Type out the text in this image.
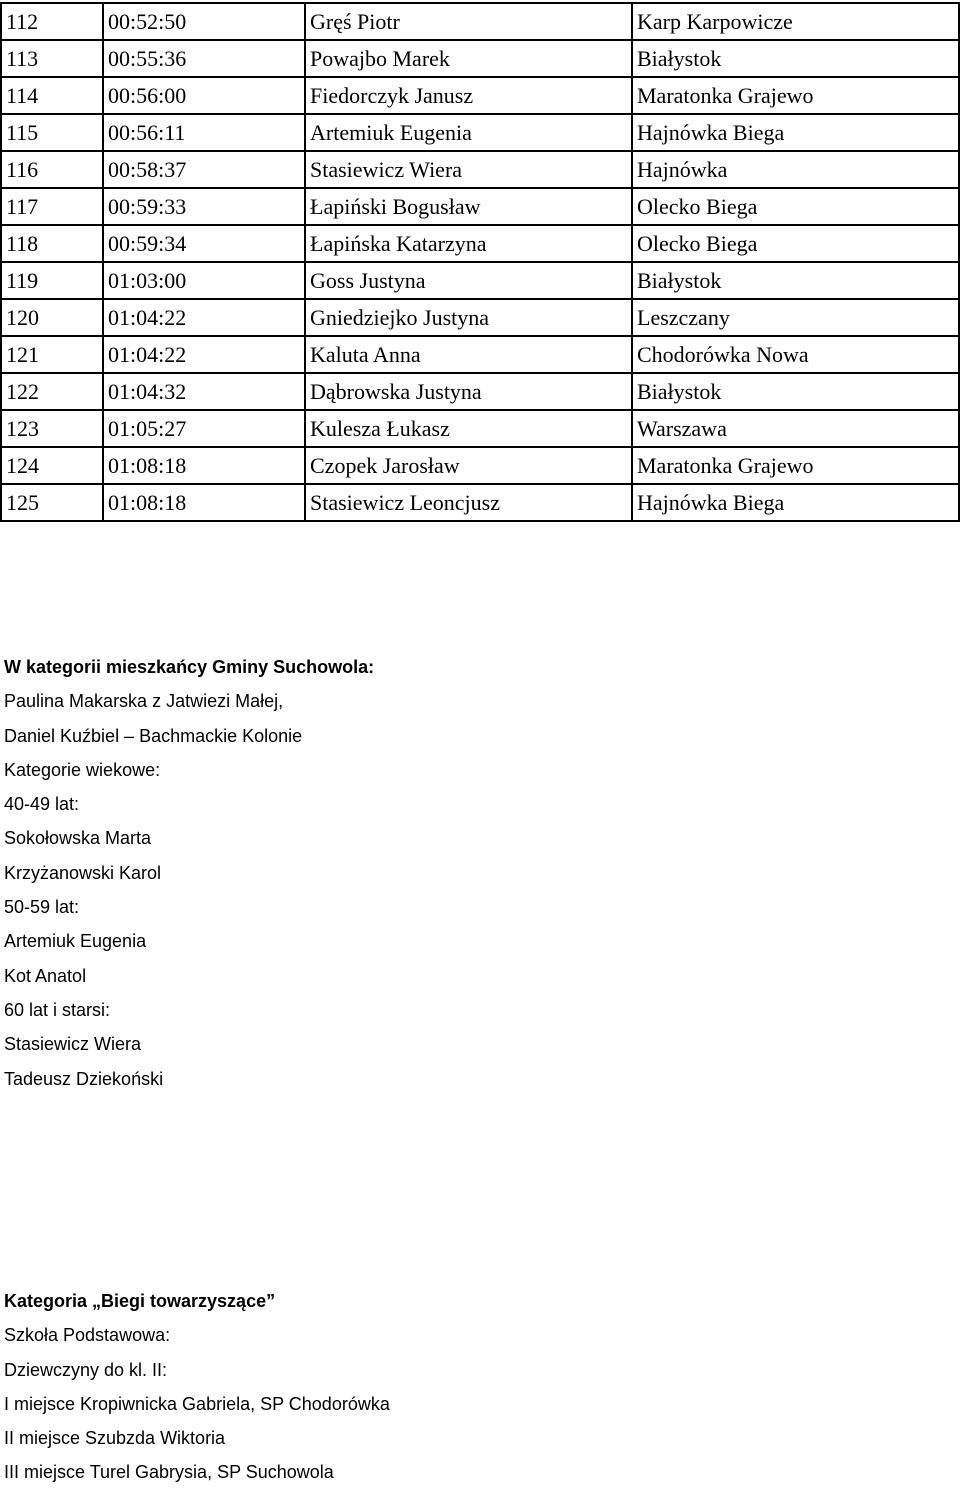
112	00:52:50	Gręś Piotr	Karp Karpowicze
113	00:55:36	Powajbo Marek	Białystok
114	00:56:00	Fiedorczyk Janusz	Maratonka Grajewo
115	00:56:11	Artemiuk Eugenia	Hajnówka Biega
116	00:58:37	Stasiewicz Wiera	Hajnówka
117	00:59:33	Łapiński Bogusław	Olecko Biega
118	00:59:34	Łapińska Katarzyna	Olecko Biega
119	01:03:00	Goss Justyna	Białystok
120	01:04:22	Gniedziejko Justyna	Leszczany
121	01:04:22	Kaluta Anna	Chodorówka Nowa
122	01:04:32	Dąbrowska Justyna	Białystok
123	01:05:27	Kulesza Łukasz	Warszawa
124	01:08:18	Czopek Jarosław	Maratonka Grajewo
125	01:08:18	Stasiewicz Leoncjusz	Hajnówka Biega
W kategorii mieszkańcy Gminy Suchowola:
Paulina Makarska z Jatwiezi Małej,
Daniel Kuźbiel – Bachmackie Kolonie
Kategorie wiekowe:
40-49 lat:
Sokołowska Marta
Krzyżanowski Karol
50-59 lat:
Artemiuk Eugenia
Kot Anatol
60 lat i starsi:
Stasiewicz Wiera
Tadeusz Dziekoński
Kategoria „Biegi towarzyszące”
Szkoła Podstawowa:
Dziewczyny do kl. II:
I miejsce Kropiwnicka Gabriela, SP Chodorówka
II miejsce Szubzda Wiktoria
III miejsce Turel Gabrysia, SP Suchowola
